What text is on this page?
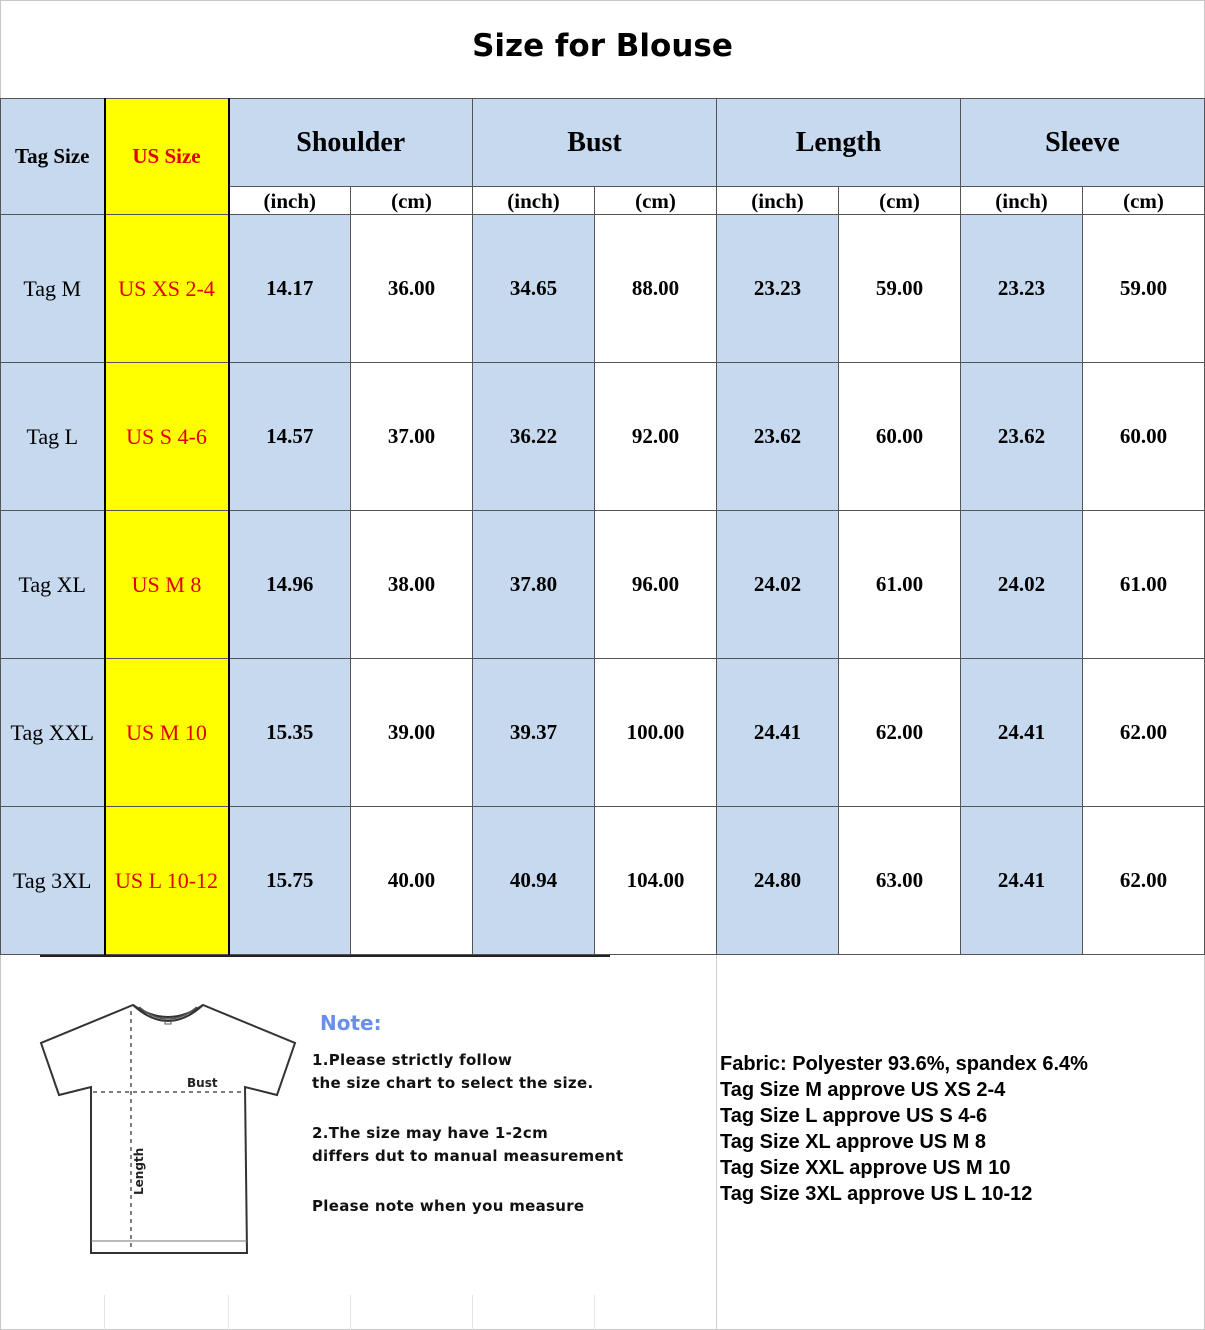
Size for Blouse
Tag Size	US Size	Shoulder		Bust		Length		Sleeve	
		(inch)	(cm)	(inch)	(cm)	(inch)	(cm)	(inch)	(cm)
Tag M	US XS 2-4	14.17	36.00	34.65	88.00	23.23	59.00	23.23	59.00
Tag L	US S 4-6	14.57	37.00	36.22	92.00	23.62	60.00	23.62	60.00
Tag XL	US M 8	14.96	38.00	37.80	96.00	24.02	61.00	24.02	61.00
Tag XXL	US M 10	15.35	39.00	39.37	100.00	24.41	62.00	24.41	62.00
Tag 3XL	US L 10-12	15.75	40.00	40.94	104.00	24.80	63.00	24.41	62.00
Bust
Length
Note:

1.Please strictly follow

the size chart to select the size.

2.The size may have 1-2cm

differs dut to manual measurement

Please note when you measure

Fabric: Polyester 93.6%, spandex 6.4%
Tag Size M approve US XS 2-4
Tag Size L approve US S 4-6
Tag Size XL approve US M 8
Tag Size XXL approve US M 10
Tag Size 3XL approve US L 10-12
